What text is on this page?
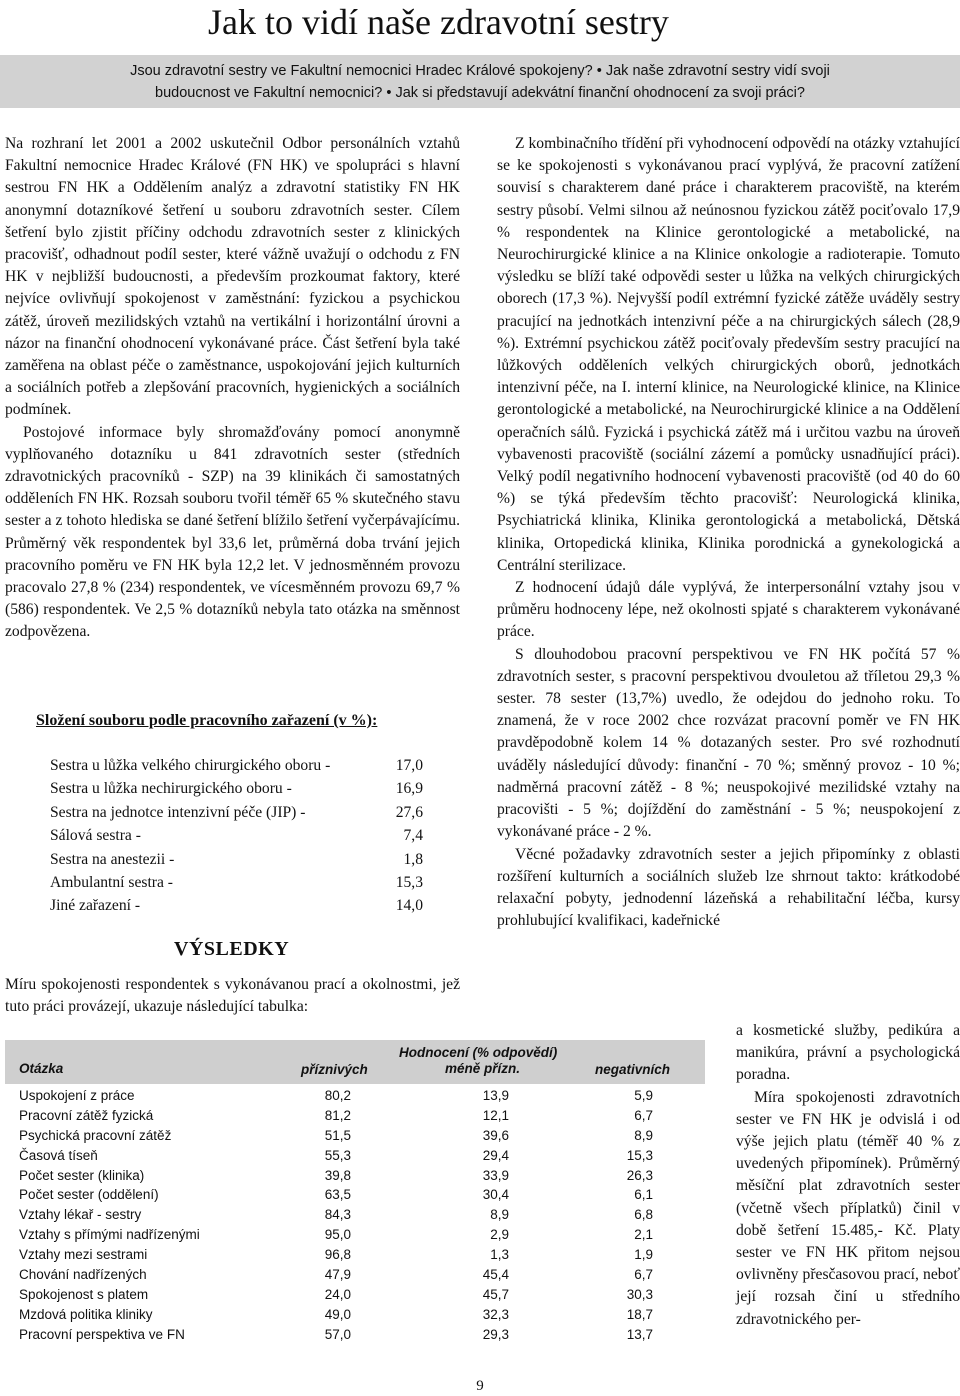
Jak to vidí naše zdravotní sestry
Jsou zdravotní sestry ve Fakultní nemocnici Hradec Králové spokojeny? • Jak naše zdravotní sestry vidí svoji
budoucnost ve Fakultní nemocnici? • Jak si představují adekvátní finanční ohodnocení za svoji práci?

Na rozhraní let 2001 a 2002 uskutečnil Odbor personálních vztahů Fakultní nemocnice Hradec Králové (FN HK) ve spolupráci s hlavní sestrou FN HK a Oddělením analýz a zdravotní statistiky FN HK anonymní dotazníkové šetření u souboru zdravotních sester. Cílem šetření bylo zjistit příčiny odchodu zdravotních sester z klinických pracovišť, odhadnout podíl sester, které vážně uvažují o odchodu z FN HK v nejbližší budoucnosti, a především prozkoumat faktory, které nejvíce ovlivňují spokojenost v zaměstnání: fyzickou a psychickou zátěž, úroveň mezilidských vztahů na vertikální i horizontální úrovni a názor na finanční ohodnocení vykonávané práce. Část šetření byla také zaměřena na oblast péče o zaměstnance, uspokojování jejich kulturních a sociálních potřeb a zlepšování pracovních, hygienických a sociálních podmínek.

Postojové informace byly shromažďovány pomocí anonymně vyplňovaného dotazníku u 841 zdravotních sester (středních zdravotnických pracovníků - SZP) na 39 klinikách či samostatných odděleních FN HK. Rozsah souboru tvořil téměř 65 % skutečného stavu sester a z tohoto hlediska se dané šetření blížilo šetření vyčerpávajícímu. Průměrný věk respondentek byl 33,6 let, průměrná doba trvání jejich pracovního poměru ve FN HK byla 12,2 let. V jednosměnném provozu pracovalo 27,8 % (234) respondentek, ve vícesměnném provozu 69,7 % (586) respondentek. Ve 2,5 % dotazníků nebyla tato otázka na směnnost zodpovězena.

Složení souboru podle pracovního zařazení (v %):
Sestra u lůžka velkého chirurgického oboru -	17,0
Sestra u lůžka nechirurgického oboru -	16,9
Sestra na jednotce intenzivní péče (JIP) -	27,6
Sálová sestra -	7,4
Sestra na anestezii -	1,8
Ambulantní sestra -	15,3
Jiné zařazení -	14,0
VÝSLEDKY
Míru spokojenosti respondentek s vykonávanou prací a okolnostmi, jež tuto práci provázejí, ukazuje následující tabulka:
Otázka
Hodnocení (% odpovědí)
příznivých	méně přízn.	negativních
Uspokojení z práce	80,2	13,9	5,9
Pracovní zátěž fyzická	81,2	12,1	6,7
Psychická pracovní zátěž	51,5	39,6	8,9
Časová tíseň	55,3	29,4	15,3
Počet sester (klinika)	39,8	33,9	26,3
Počet sester (oddělení)	63,5	30,4	6,1
Vztahy lékař - sestry	84,3	8,9	6,8
Vztahy s přímými nadřízenými	95,0	2,9	2,1
Vztahy mezi sestrami	96,8	1,3	1,9
Chování nadřízených	47,9	45,4	6,7
Spokojenost s platem	24,0	45,7	30,3
Mzdová politika kliniky	49,0	32,3	18,7
Pracovní perspektiva ve FN	57,0	29,3	13,7

Z kombinačního třídění při vyhodnocení odpovědí na otázky vztahující se ke spokojenosti s vykonávanou prací vyplývá, že pracovní zatížení souvisí s charakterem dané práce i charakterem pracoviště, na kterém sestry působí. Velmi silnou až neúnosnou fyzickou zátěž pociťovalo 17,9 % respondentek na Klinice gerontologické a metabolické, na Neurochirurgické klinice a na Klinice onkologie a radioterapie. Tomuto výsledku se blíží také odpovědi sester u lůžka na velkých chirurgických oborech (17,3 %). Nejvyšší podíl extrémní fyzické zátěže uváděly sestry pracující na jednotkách intenzivní péče a na chirurgických sálech (28,9 %). Extrémní psychickou zátěž pociťovaly především sestry pracující na lůžkových odděleních velkých chirurgických oborů, jednotkách intenzivní péče, na I. interní klinice, na Neurologické klinice, na Klinice gerontologické a metabolické, na Neurochirurgické klinice a na Oddělení operačních sálů. Fyzická i psychická zátěž má i určitou vazbu na úroveň vybavenosti pracoviště (sociální zázemí a pomůcky usnadňující práci). Velký podíl negativního hodnocení vybavenosti pracoviště (od 40 do 60 %) se týká především těchto pracovišť: Neurologická klinika, Psychiatrická klinika, Klinika gerontologická a metabolická, Dětská klinika, Ortopedická klinika, Klinika porodnická a gynekologická a Centrální sterilizace.

Z hodnocení údajů dále vyplývá, že interpersonální vztahy jsou v průměru hodnoceny lépe, než okolnosti spjaté s charakterem vykonávané práce.

S dlouhodobou pracovní perspektivou ve FN HK počítá 57 % zdravotních sester, s pracovní perspektivou dvouletou až tříletou 29,3 % sester. 78 sester (13,7%) uvedlo, že odejdou do jednoho roku. To znamená, že v roce 2002 chce rozvázat pracovní poměr ve FN HK pravděpodobně kolem 14 % dotazaných sester. Pro své rozhodnutí uváděly následující důvody: finanční - 70 %; směnný provoz - 10 %; nadměrná pracovní zátěž - 8 %; neuspokojivé mezilidské vztahy na pracovišti - 5 %; dojíždění do zaměstnání - 5 %; neuspokojení z vykonávané práce - 2 %.

Věcné požadavky zdravotních sester a jejich připomínky z oblasti rozšíření kulturních a sociálních služeb lze shrnout takto: krátkodobé relaxační pobyty, jednodenní lázeňská a rehabilitační léčba, kursy prohlubující kvalifikaci, kadeřnické

a kosmetické služby, pedikúra a manikúra, právní a psychologická poradna.

Míra spokojenosti zdravotních sester ve FN HK je odvislá i od výše jejich platu (téměř 40 % z uvedených připomínek). Průměrný měsíční plat zdravotních sester (včetně všech příplatků) činil v době šetření 15.485,- Kč. Platy sester ve FN HK přitom nejsou ovlivněny přesčasovou prací, neboť její rozsah činí u středního zdravotnického per-

9
